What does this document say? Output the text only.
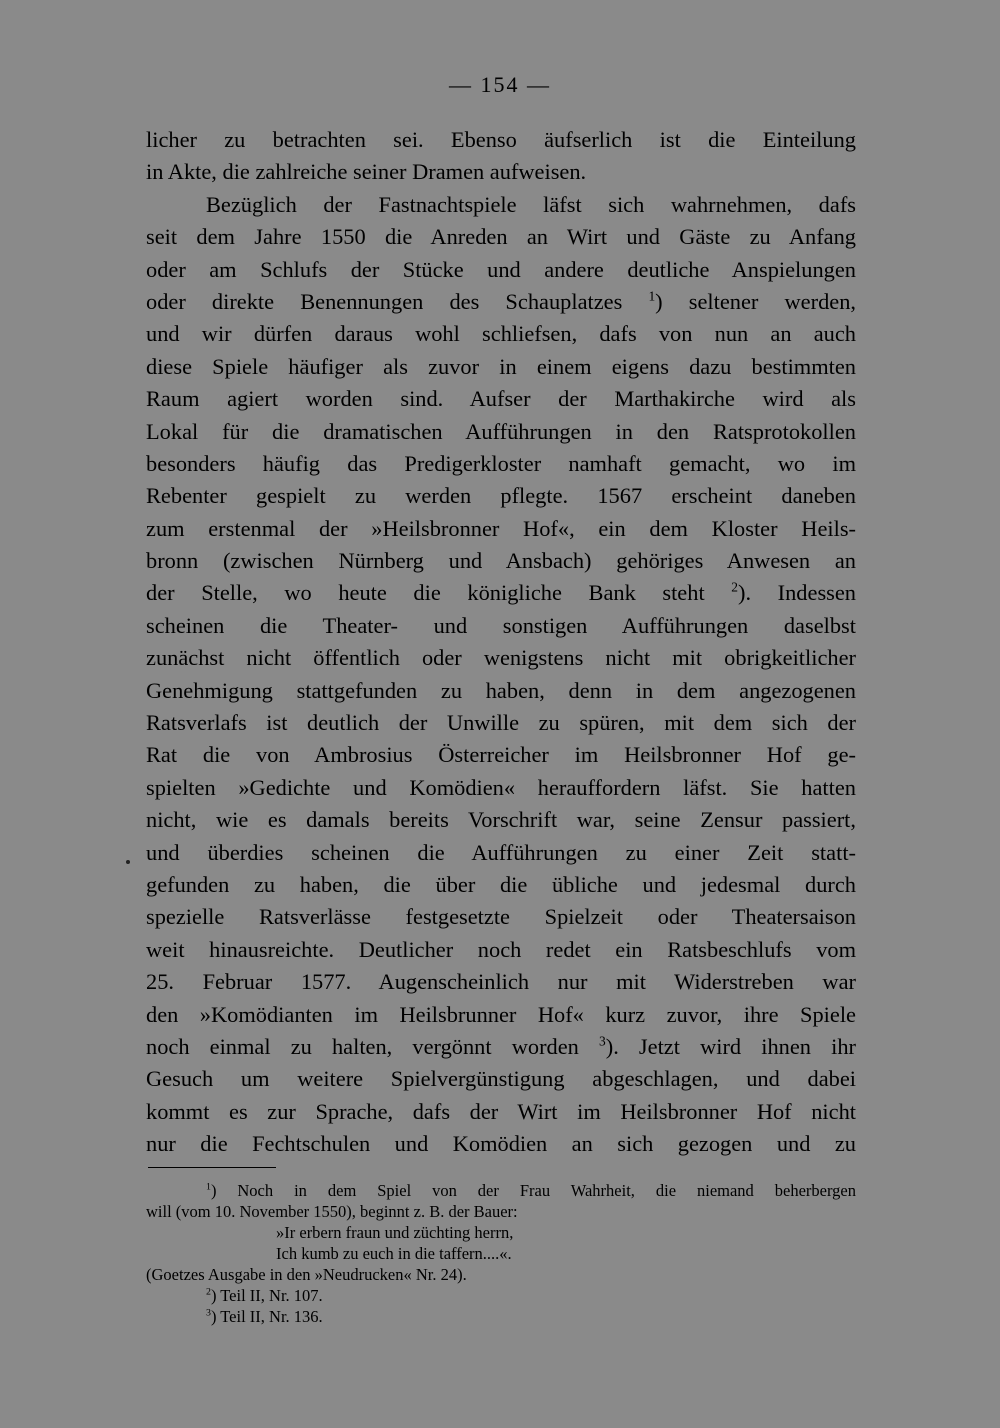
— 154 —
licher zu betrachten sei. Ebenso äufserlich ist die Einteilung
in Akte, die zahlreiche seiner Dramen aufweisen.
Bezüglich der Fastnachtspiele läfst sich wahrnehmen, dafs
seit dem Jahre 1550 die Anreden an Wirt und Gäste zu Anfang
oder am Schlufs der Stücke und andere deutliche Anspielungen
oder direkte Benennungen des Schauplatzes $^1$) seltener werden,
und wir dürfen daraus wohl schliefsen, dafs von nun an auch
diese Spiele häufiger als zuvor in einem eigens dazu bestimmten
Raum agiert worden sind. Aufser der Marthakirche wird als
Lokal für die dramatischen Aufführungen in den Ratsprotokollen
besonders häufig das Predigerkloster namhaft gemacht, wo im
Rebenter gespielt zu werden pflegte. 1567 erscheint daneben
zum erstenmal der »Heilsbronner Hof«, ein dem Kloster Heils-
bronn (zwischen Nürnberg und Ansbach) gehöriges Anwesen an
der Stelle, wo heute die königliche Bank steht $^2$). Indessen
scheinen die Theater- und sonstigen Aufführungen daselbst
zunächst nicht öffentlich oder wenigstens nicht mit obrigkeitlicher
Genehmigung stattgefunden zu haben, denn in dem angezogenen
Ratsverlafs ist deutlich der Unwille zu spüren, mit dem sich der
Rat die von Ambrosius Österreicher im Heilsbronner Hof ge-
spielten »Gedichte und Komödien« herauffordern läfst. Sie hatten
nicht, wie es damals bereits Vorschrift war, seine Zensur passiert,
und überdies scheinen die Aufführungen zu einer Zeit statt-
gefunden zu haben, die über die übliche und jedesmal durch
spezielle Ratsverlässe festgesetzte Spielzeit oder Theatersaison
weit hinausreichte. Deutlicher noch redet ein Ratsbeschlufs vom
25. Februar 1577. Augenscheinlich nur mit Widerstreben war
den »Komödianten im Heilsbrunner Hof« kurz zuvor, ihre Spiele
noch einmal zu halten, vergönnt worden $^3$). Jetzt wird ihnen ihr
Gesuch um weitere Spielvergünstigung abgeschlagen, und dabei
kommt es zur Sprache, dafs der Wirt im Heilsbronner Hof nicht
nur die Fechtschulen und Komödien an sich gezogen und zu
$^1$) Noch in dem Spiel von der Frau Wahrheit, die niemand beherbergen
will (vom 10. November 1550), beginnt z. B. der Bauer:
»Ir erbern fraun und züchting herrn,
Ich kumb zu euch in die taffern....«.
(Goetzes Ausgabe in den »Neudrucken« Nr. 24).
$^2$) Teil II, Nr. 107.
$^3$) Teil II, Nr. 136.
